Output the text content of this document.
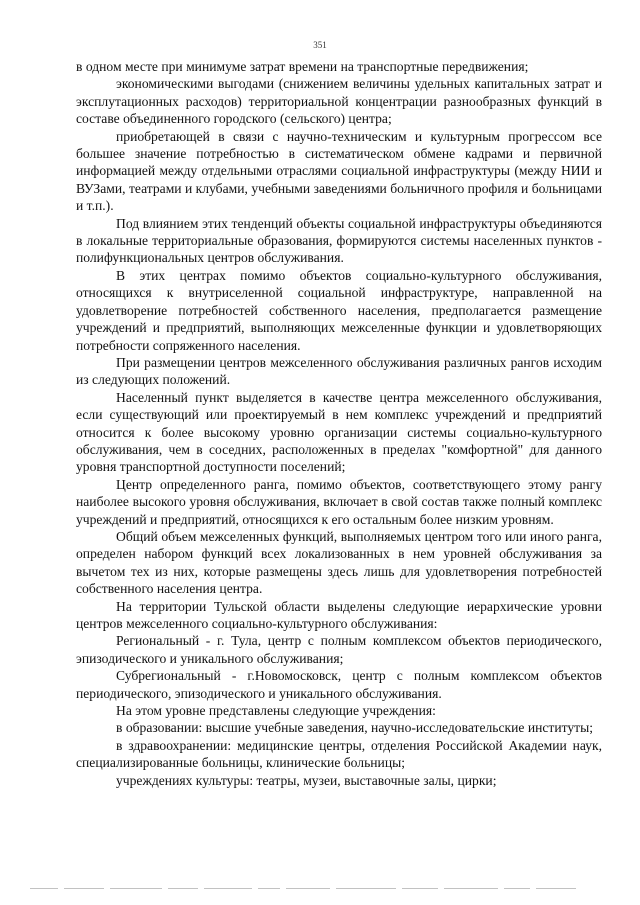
351

в одном месте при минимуме затрат времени на транспортные передвижения;

экономическими выгодами (снижением величины удельных капитальных затрат и эксплутационных расходов) территориальной концентрации разнообразных функций в составе объединенного городского (сельского) центра;

приобретающей в связи с научно-техническим и культурным прогрессом все большее значение потребностью в систематическом обмене кадрами и первичной информацией между отдельными отраслями социальной инфраструктуры (между НИИ и ВУЗами, театрами и клубами, учебными заведениями больничного профиля и больницами и т.п.).

Под влиянием этих тенденций объекты социальной инфраструктуры объединяются в локальные территориальные образования, формируются системы населенных пунктов - полифункциональных центров обслуживания.

В этих центрах помимо объектов социально-культурного обслуживания, относящихся к внутриселенной социальной инфраструктуре, направленной на удовлетворение потребностей собственного населения, предполагается размещение учреждений и предприятий, выполняющих межселенные функции и удовлетворяющих потребности сопряженного населения.

При размещении центров межселенного обслуживания различных рангов исходим из следующих положений.

Населенный пункт выделяется в качестве центра межселенного обслуживания, если существующий или проектируемый в нем комплекс учреждений и предприятий относится к более высокому уровню организации системы социально-культурного обслуживания, чем в соседних, расположенных в пределах "комфортной" для данного уровня транспортной доступности поселений;

Центр определенного ранга, помимо объектов, соответствующего этому рангу наиболее высокого уровня обслуживания, включает в свой состав также полный комплекс учреждений и предприятий, относящихся к его остальным более низким уровням.

Общий объем межселенных функций, выполняемых центром того или иного ранга, определен набором функций всех локализованных в нем уровней обслуживания за вычетом тех из них, которые размещены здесь лишь для удовлетворения потребностей собственного населения центра.

На территории Тульской области выделены следующие иерархические уровни центров межселенного социально-культурного обслуживания:

Региональный - г. Тула, центр с полным комплексом объектов периодического, эпизодического и уникального обслуживания;

Субрегиональный - г.Новомосковск, центр с полным комплексом объектов периодического, эпизодического и уникального обслуживания.

На этом уровне представлены следующие учреждения:

в образовании: высшие учебные заведения, научно-исследовательские институты;

в здравоохранении: медицинские центры, отделения Российской Академии наук, специализированные больницы, клинические больницы;

учреждениях культуры: театры, музеи, выставочные залы, цирки;
